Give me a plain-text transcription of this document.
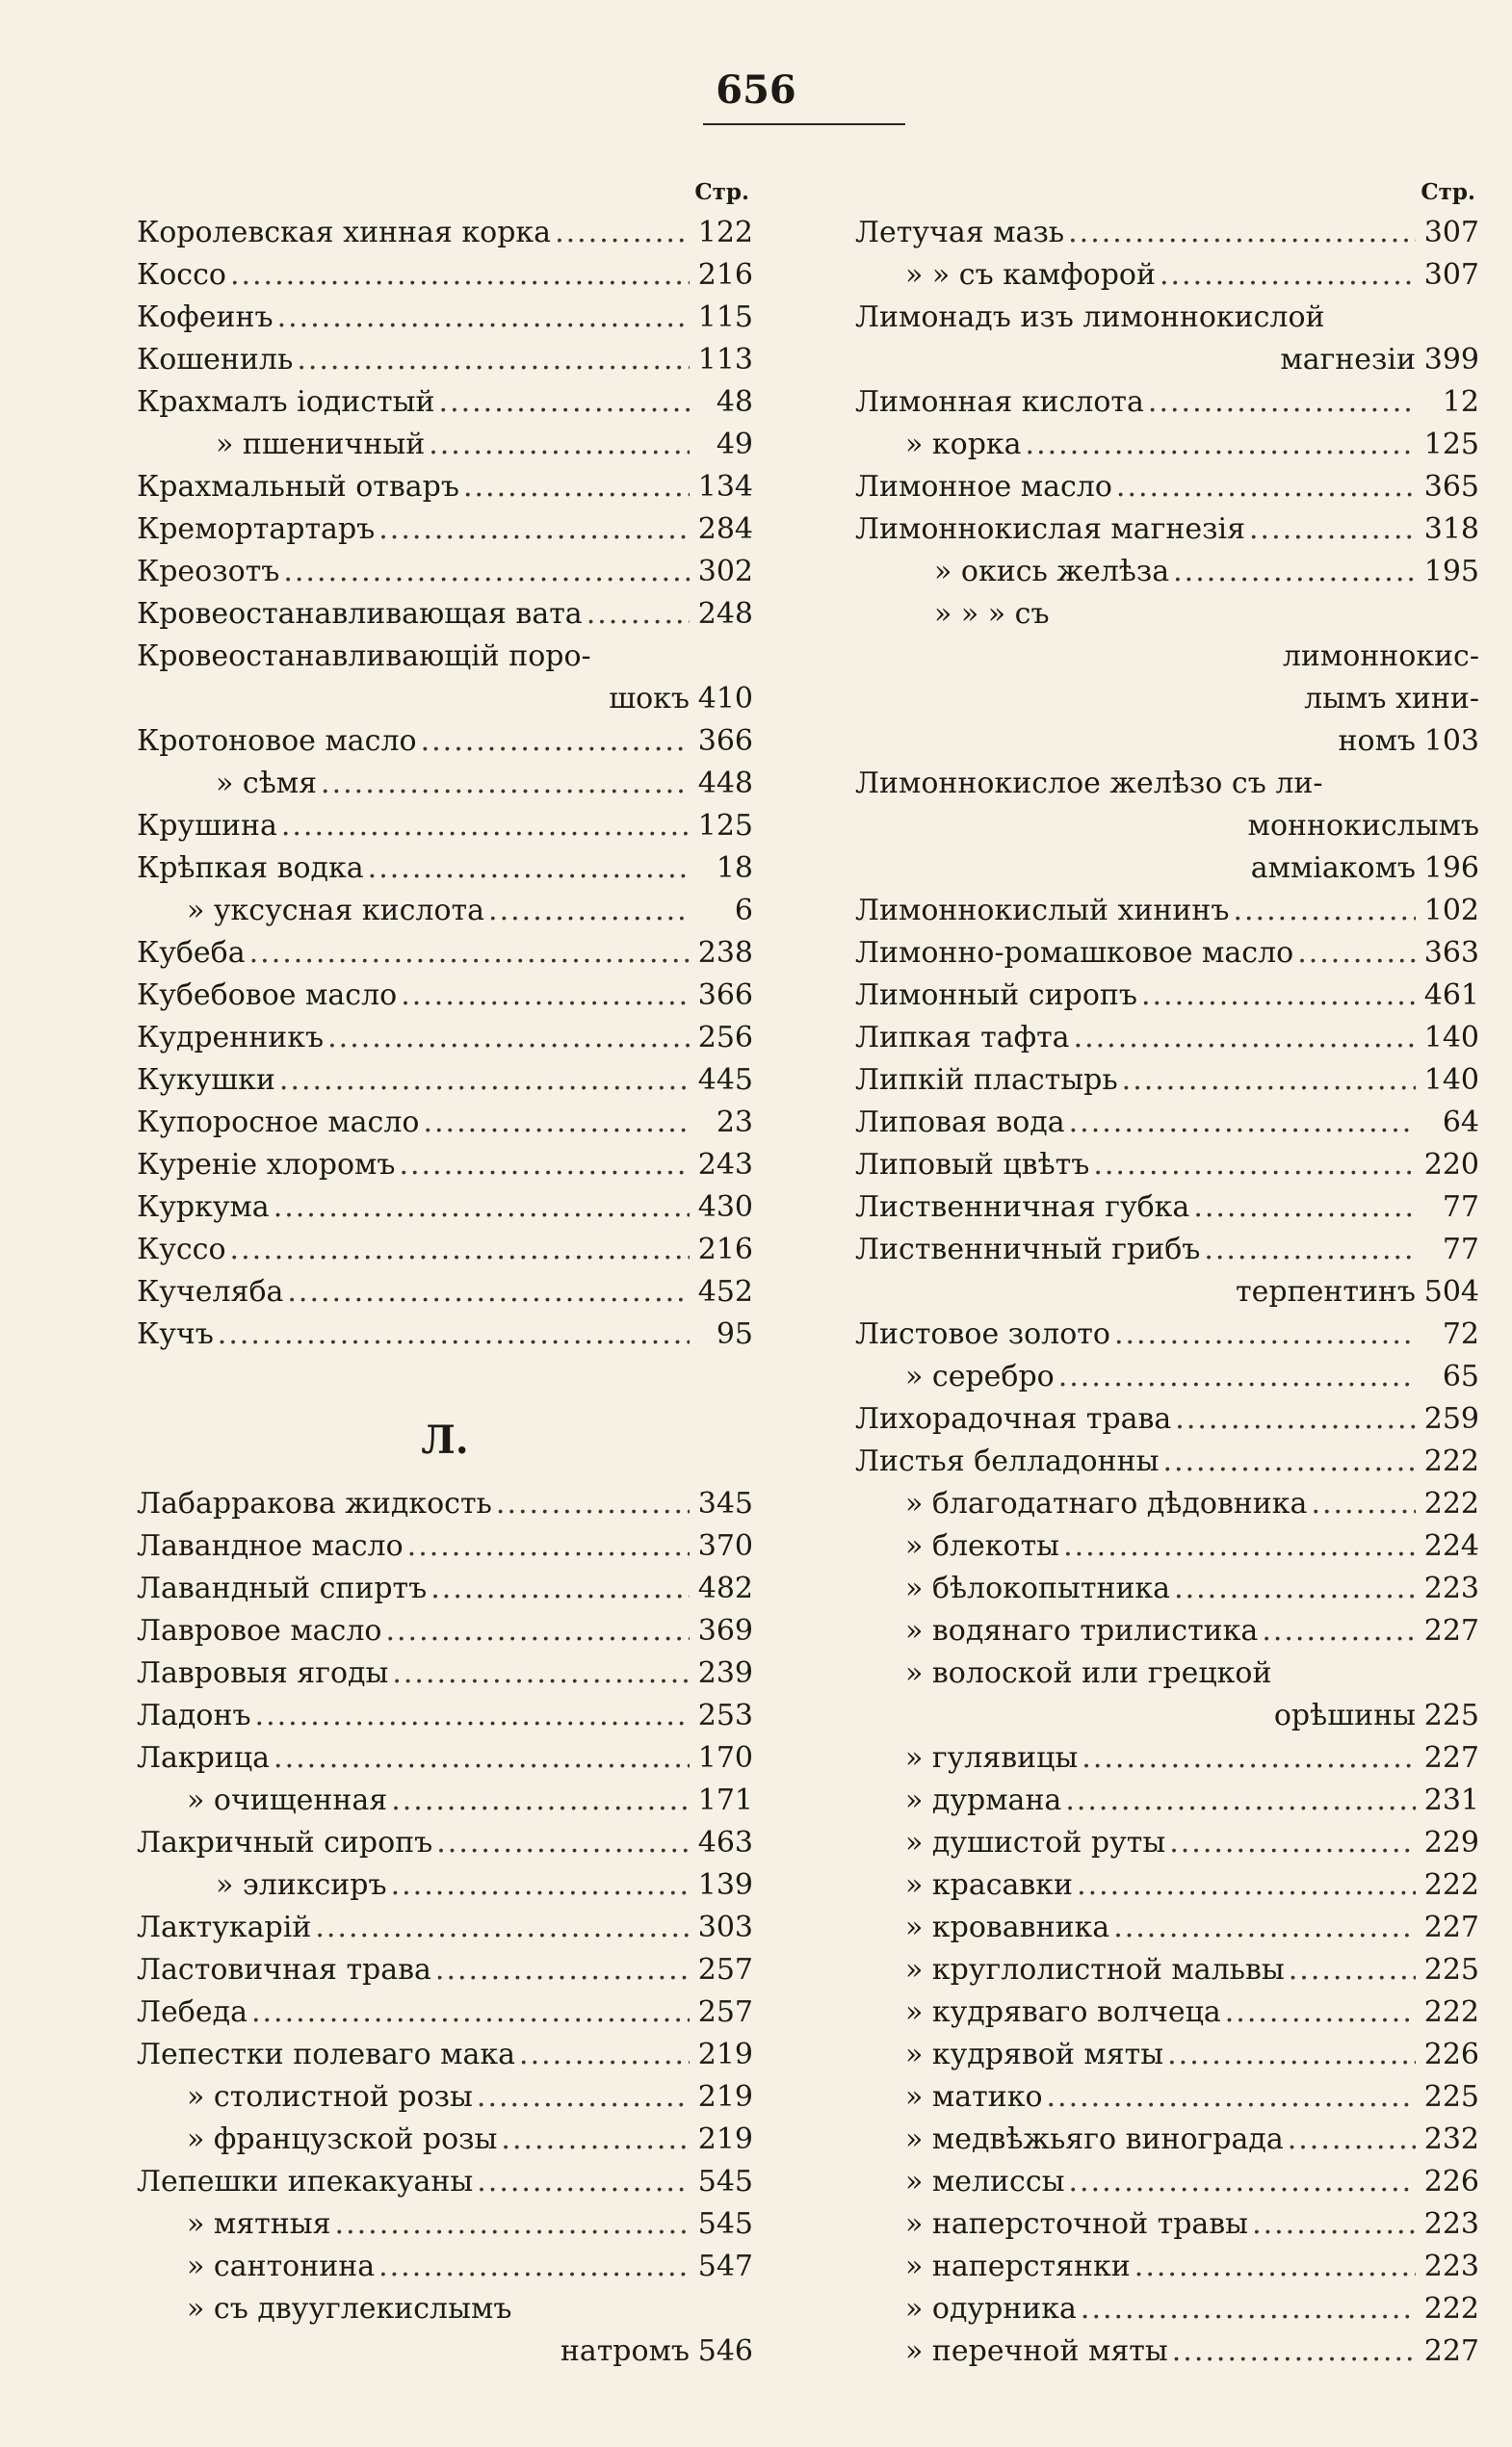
656
Стр.
Королевская хинная корка .....	122
Коссо .....	216
Кофеинъ .....	115
Кошениль .....	113
Крахмалъ іодистый .....	48
» пшеничный .....	49
Крахмальный отваръ .....	134
Кремортартаръ .....	284
Креозотъ .....	302
Кровеостанавливающая вата .....	248
Кровеостанавливающій поро-
шокъ 410
Кротоновое масло .....	366
» сѣмя .....	448
Крушина .....	125
Крѣпкая водка .....	18
» уксусная кислота .....	6
Кубеба .....	238
Кубебовое масло .....	366
Кудренникъ .....	256
Кукушки .....	445
Купоросное масло .....	23
Куреніе хлоромъ .....	243
Куркума .....	430
Куссо .....	216
Кучеляба .....	452
Кучъ .....	95
Л.
Лабарракова жидкость .....	345
Лавандное масло .....	370
Лавандный спиртъ .....	482
Лавровое масло .....	369
Лавровыя ягоды .....	239
Ладонъ .....	253
Лакрица .....	170
» очищенная .....	171
Лакричный сиропъ .....	463
» эликсиръ .....	139
Лактукарій .....	303
Ластовичная трава .....	257
Лебеда .....	257
Лепестки полеваго мака .....	219
» столистной розы .....	219
» французской розы .....	219
Лепешки ипекакуаны .....	545
» мятныя .....	545
» сантонина .....	547
» съ двууглекислымъ
натромъ 546
Стр.
Летучая мазь .....	307
» » съ камфорой .....	307
Лимонадъ изъ лимоннокислой
магнезіи 399
Лимонная кислота .....	12
» корка .....	125
Лимонное масло .....	365
Лимоннокислая магнезія .....	318
» окись желѣза .....	195
» » » съ
лимоннокис-
лымъ хини-
номъ 103
Лимоннокислое желѣзо съ ли-
моннокислымъ
амміакомъ 196
Лимоннокислый хининъ .....	102
Лимонно-ромашковое масло .....	363
Лимонный сиропъ .....	461
Липкая тафта .....	140
Липкій пластырь .....	140
Липовая вода .....	64
Липовый цвѣтъ .....	220
Лиственничная губка .....	77
Лиственничный грибъ .....	77
терпентинъ 504
Листовое золото .....	72
» серебро .....	65
Лихорадочная трава .....	259
Листья белладонны .....	222
» благодатнаго дѣдовника .....	222
» блекоты .....	224
» бѣлокопытника .....	223
» водянаго трилистика .....	227
» волоской или грецкой
орѣшины 225
» гулявицы .....	227
» дурмана .....	231
» душистой руты .....	229
» красавки .....	222
» кровавника .....	227
» круглолистной мальвы .....	225
» кудряваго волчеца .....	222
» кудрявой мяты .....	226
» матико .....	225
» медвѣжьяго винограда .....	232
» мелиссы .....	226
» наперсточной травы .....	223
» наперстянки .....	223
» одурника .....	222
» перечной мяты .....	227
